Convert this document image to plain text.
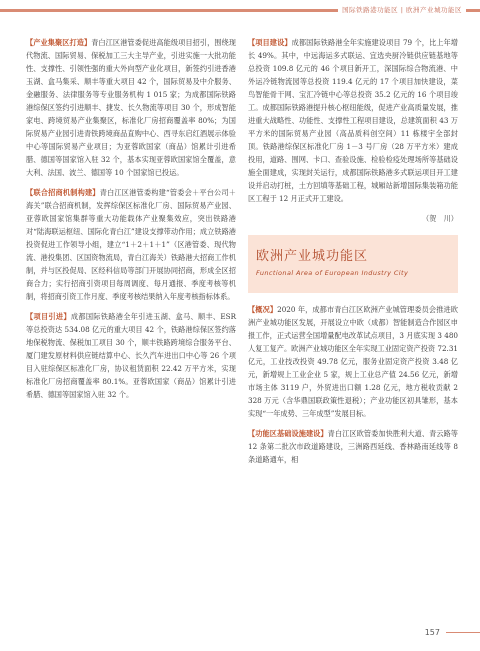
国际铁路港功能区 | 欧洲产业城功能区

【产业集聚区打造】青白江区港管委促进高能级项目招引，围绕现代物流、国际贸易、保税加工三大主导产业，引进实施一大批功能性、支撑性、引领性强的重大外向型产业化项目，新签约引进香港玉湖、盒马集采、顺丰等重大项目 42 个，国际贸易及中介服务、金融服务、法律服务等专业服务机构 1 015 家；为成都国际铁路港综保区签约引进顺丰、捷发、长久物流等项目 30 个，形成智能家电、跨境贸易产业集聚区，标准化厂房招商覆盖率 80%；为国际贸易产业园引进青铁跨境商品直购中心、西寻东启红酒展示体验中心等国际贸易产业项目；为亚蓉欧国家（商品）馆累计引进希腊、德国等国家馆入驻 32 个，基本实现亚蓉欧国家馆全覆盖，意大利、法国、波兰、德国等 10 个国家馆已投运。

【联合招商机制构建】青白江区港管委构建“管委会＋平台公司＋海关”联合招商机制，发挥综保区标准化厂房、国际贸易产业园、亚蓉欧国家馆集群等重大功能载体产业聚集效应，突出铁路港对“陆海联运枢纽、国际化青白江”建设支撑带动作用；成立铁路港投资促进工作领导小组，建立“1＋2＋1＋1”（区港管委、现代物流、港投集团、区国资物流局，青白江海关）铁路港大招商工作机制，并与区投促局、区经科信局等部门开展协同招商，形成全区招商合力；实行招商引资项目每周调度、每月通报、季度考核等机制，将招商引资工作月度、季度考核结果纳入年度考核指标体系。

【项目引进】成都国际铁路港全年引进玉湖、盒马、顺丰、ESR 等总投资达 534.08 亿元的重大项目 42 个，铁路港综保区签约落地保税物流、保税加工项目 30 个，顺丰铁路跨境综合服务平台、厦门建发原材料供应链结算中心、长久汽车进出口中心等 26 个项目入驻综保区标准化厂房，协议租赁面积 22.42 万平方米，实现标准化厂房招商覆盖率 80.1%。亚蓉欧国家（商品）馆累计引进希腊、德国等国家馆入驻 32 个。

【项目建设】成都国际铁路港全年实施建设项目 79 个，比上年增长 49%。其中，中远海运多式联运、宜选央厨冷链供应链基地等总投资 109.8 亿元的 46 个项目新开工，深国际综合物流港、中外运冷链物流园等总投资 119.4 亿元的 17 个项目加快建设，菜鸟智能骨干网、宝汇冷链中心等总投资 35.2 亿元的 16 个项目竣工。成都国际铁路港提升核心枢纽能级，促进产业高质量发展，推进重大战略性、功能性、支撑性工程项目建设，总建筑面积 43 万平方米的国际贸易产业园（高品质科创空间）11 栋楼宇全部封顶。铁路港综保区标准化厂房 1－3 号厂房（28 万平方米）建成投用，道路、围网、卡口、查验设施、检验检疫处理场所等基础设施全面建成，实现封关运行，成都国际铁路港多式联运项目开工建设并启动打桩，土方回填等基础工程，城厢站新增国际集装箱功能区工程于 12 月正式开工建设。

（贺　川）
欧洲产业城功能区
Functional Area of European Industry City

【概况】2020 年，成都市青白江区欧洲产业城管理委员会推进欧洲产业城功能区发展，开展设立中欧（成都）智能制造合作园区申报工作，正式运营全国增量配电改革试点项目，3 月底实现 3 480 人复工复产。欧洲产业城功能区全年实现工业固定资产投资 72.31 亿元，工业技改投资 49.78 亿元，服务业固定资产投资 3.48 亿元，新增规上工业企业 5 家，规上工业总产值 24.56 亿元，新增市场主体 3119 户，外贸进出口额 1.28 亿元，地方税收贡献 2 328 万元（含华鼎国联政策性退税）；产业功能区初具雏形，基本实现“一年成势、三年成型”发展目标。

【功能区基础设施建设】青白江区欧管委加快胜利大道、青云路等 12 条第二批次市政道路建设，三洲路西延线、香林路南延线等 8 条道路通车，相

157
